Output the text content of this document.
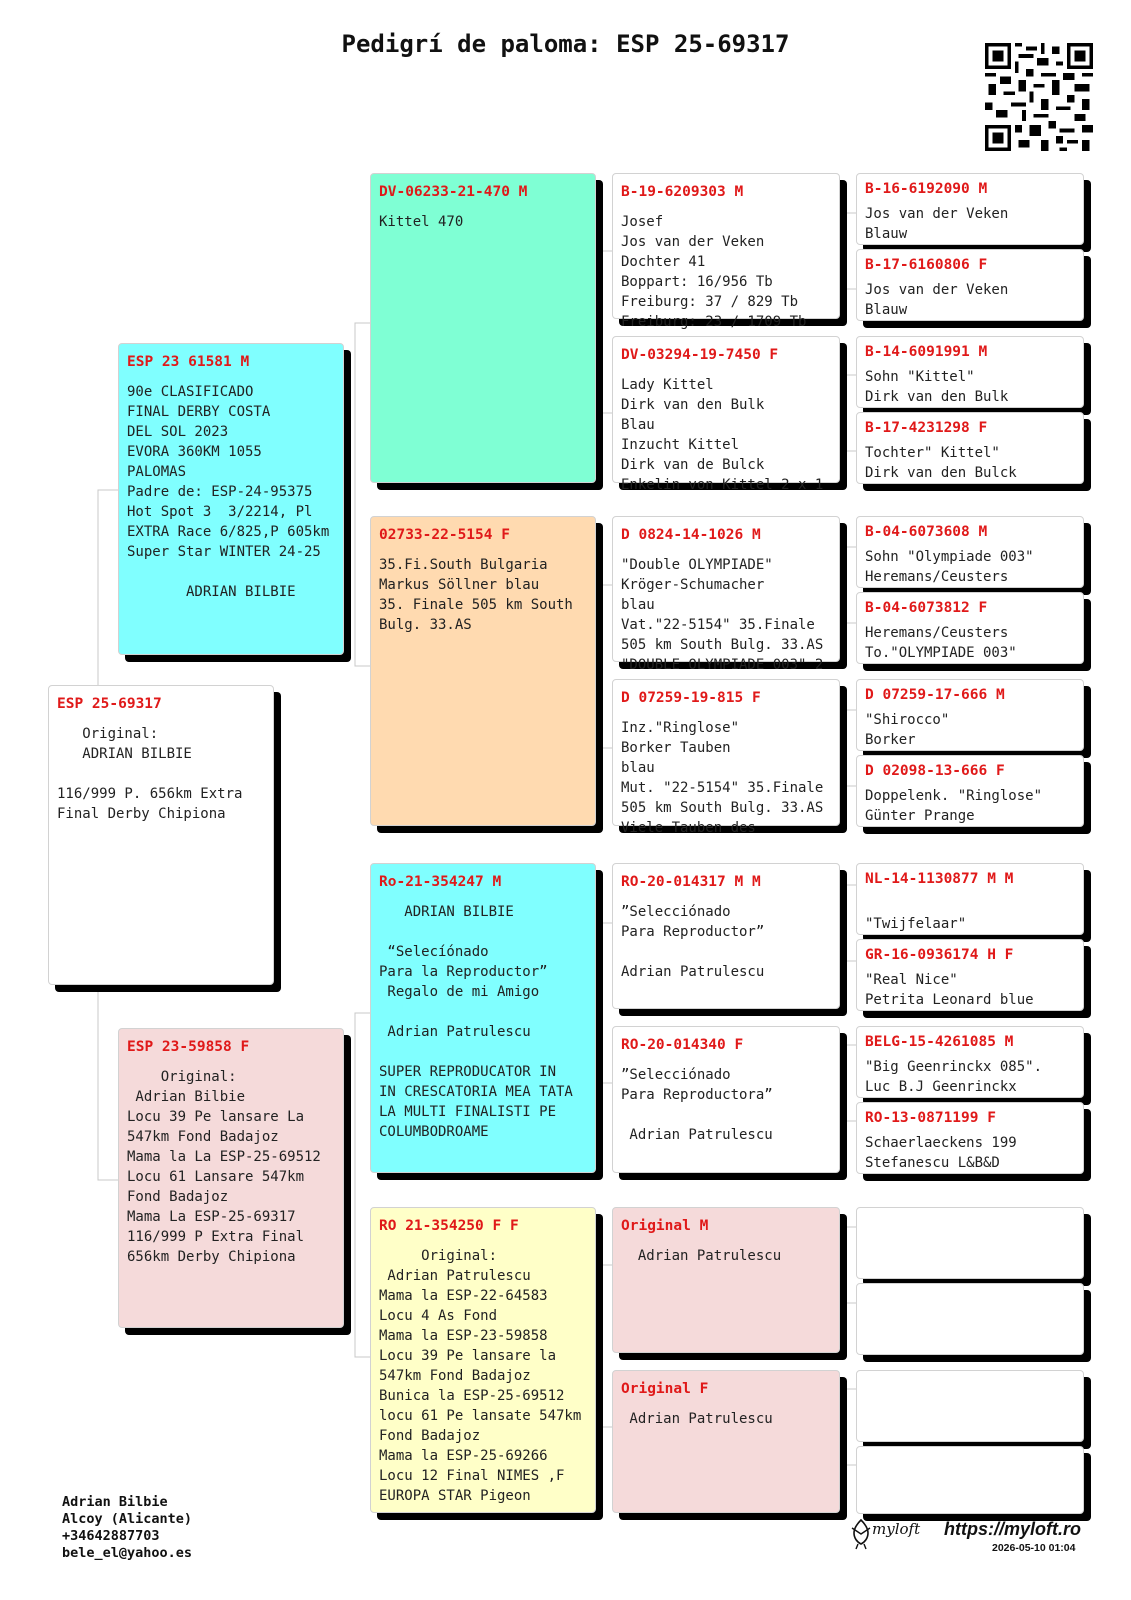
Pedigrí de paloma: ESP 25-69317
ESP 25-69317
Original:
ADRIAN BILBIE

116/999 P. 656km Extra
Final Derby Chipiona
ESP 23 61581 M
90e CLASIFICADO
FINAL DERBY COSTA
DEL SOL 2023
EVORA 360KM 1055
PALOMAS
Padre de: ESP-24-95375
Hot Spot 3  3/2214, Pl
EXTRA Race 6/825,P 605km
Super Star WINTER 24-25

ADRIAN BILBIE
ESP 23-59858 F
Original:
Adrian Bilbie
Locu 39 Pe lansare La
547km Fond Badajoz
Mama la La ESP-25-69512
Locu 61 Lansare 547km
Fond Badajoz
Mama La ESP-25-69317
116/999 P Extra Final
656km Derby Chipiona
DV-06233-21-470 M
Kittel 470
02733-22-5154 F
35.Fi.South Bulgaria
Markus Söllner blau
35. Finale 505 km South
Bulg. 33.AS
Ro-21-354247 M
ADRIAN BILBIE

“Selecíónado
Para la Reproductor”
Regalo de mi Amigo

Adrian Patrulescu

SUPER REPRODUCATOR IN
IN CRESCATORIA MEA TATA
LA MULTI FINALISTI PE
COLUMBODROAME
RO 21-354250 F F
Original:
Adrian Patrulescu
Mama la ESP-22-64583
Locu 4 As Fond
Mama la ESP-23-59858
Locu 39 Pe lansare la
547km Fond Badajoz
Bunica la ESP-25-69512
locu 61 Pe lansate 547km
Fond Badajoz
Mama la ESP-25-69266
Locu 12 Final NIMES ,F
EUROPA STAR Pigeon
B-19-6209303 M
Josef
Jos van der Veken
Dochter 41
Boppart: 16/956 Tb
Freiburg: 37 / 829 Tb
Freiburg: 23 / 1709 Tb
DV-03294-19-7450 F
Lady Kittel
Dirk van den Bulk
Blau
Inzucht Kittel
Dirk van de Bulck
Enkelin von Kittel 2 x 1
D 0824-14-1026 M
"Double OLYMPIADE"
Kröger-Schumacher
blau
Vat."22-5154" 35.Finale
505 km South Bulg. 33.AS
"DOUBLE OLYMPIADE 003" 2
D 07259-19-815 F
Inz."Ringlose"
Borker Tauben
blau
Mut. "22-5154" 35.Finale
505 km South Bulg. 33.AS
Viele Tauben des
RO-20-014317 M M
”Selecciónado
Para Reproductor”

Adrian Patrulescu
RO-20-014340 F
”Selecciónado
Para Reproductora”

Adrian Patrulescu
Original M
Adrian Patrulescu
Original F
Adrian Patrulescu
B-16-6192090 M
Jos van der Veken
Blauw
B-17-6160806 F
Jos van der Veken
Blauw
B-14-6091991 M
Sohn "Kittel"
Dirk van den Bulk
B-17-4231298 F
Tochter" Kittel"
Dirk van den Bulck
B-04-6073608 M
Sohn "Olympiade 003"
Heremans/Ceusters
B-04-6073812 F
Heremans/Ceusters
To."OLYMPIADE 003"
D 07259-17-666 M
"Shirocco"
Borker
D 02098-13-666 F
Doppelenk. "Ringlose"
Günter Prange
NL-14-1130877 M M

"Twijfelaar"
GR-16-0936174 H F
"Real Nice"
Petrita Leonard blue
BELG-15-4261085 M
"Big Geenrinckx 085".
Luc B.J Geenrinckx
RO-13-0871199 F
Schaerlaeckens 199
Stefanescu L&B&D
Adrian Bilbie
Alcoy (Alicante)
+34642887703
bele_el@yahoo.es
myloft https://myloft.ro
2026-05-10 01:04
